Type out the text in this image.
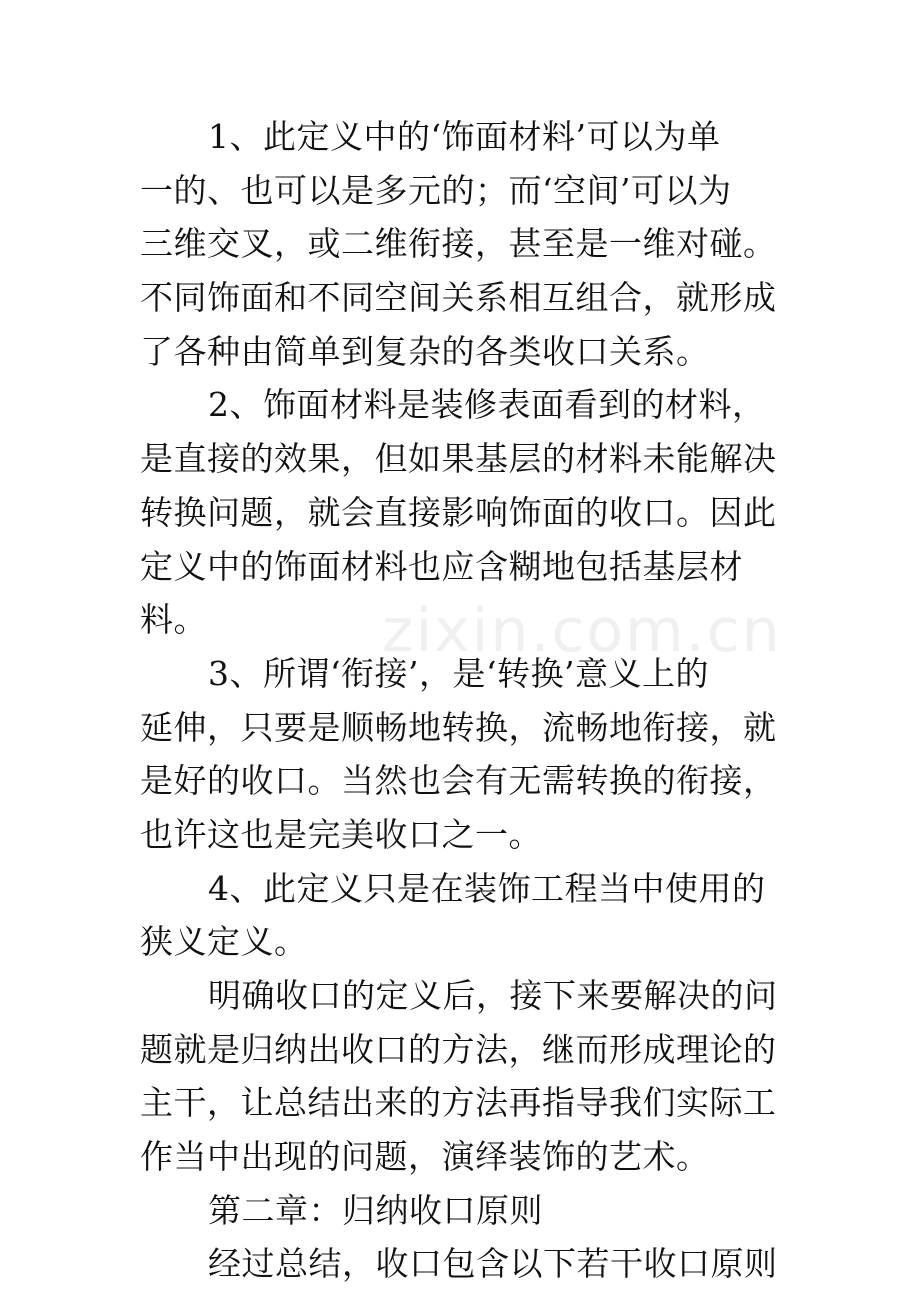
zixin.com.cn
1、此定义中的‘饰面材料’可以为单
一的、也可以是多元的；而‘空间’可以为
三维交叉，或二维衔接，甚至是一维对碰。
不同饰面和不同空间关系相互组合，就形成
了各种由简单到复杂的各类收口关系。
2、饰面材料是装修表面看到的材料，
是直接的效果，但如果基层的材料未能解决
转换问题，就会直接影响饰面的收口。因此
定义中的饰面材料也应含糊地包括基层材
料。
3、所谓‘衔接’，是‘转换’意义上的
延伸，只要是顺畅地转换，流畅地衔接，就
是好的收口。当然也会有无需转换的衔接，
也许这也是完美收口之一。
4、此定义只是在装饰工程当中使用的
狭义定义。
明确收口的定义后，接下来要解决的问
题就是归纳出收口的方法，继而形成理论的
主干，让总结出来的方法再指导我们实际工
作当中出现的问题，演绎装饰的艺术。
第二章：归纳收口原则
经过总结，收口包含以下若干收口原则
